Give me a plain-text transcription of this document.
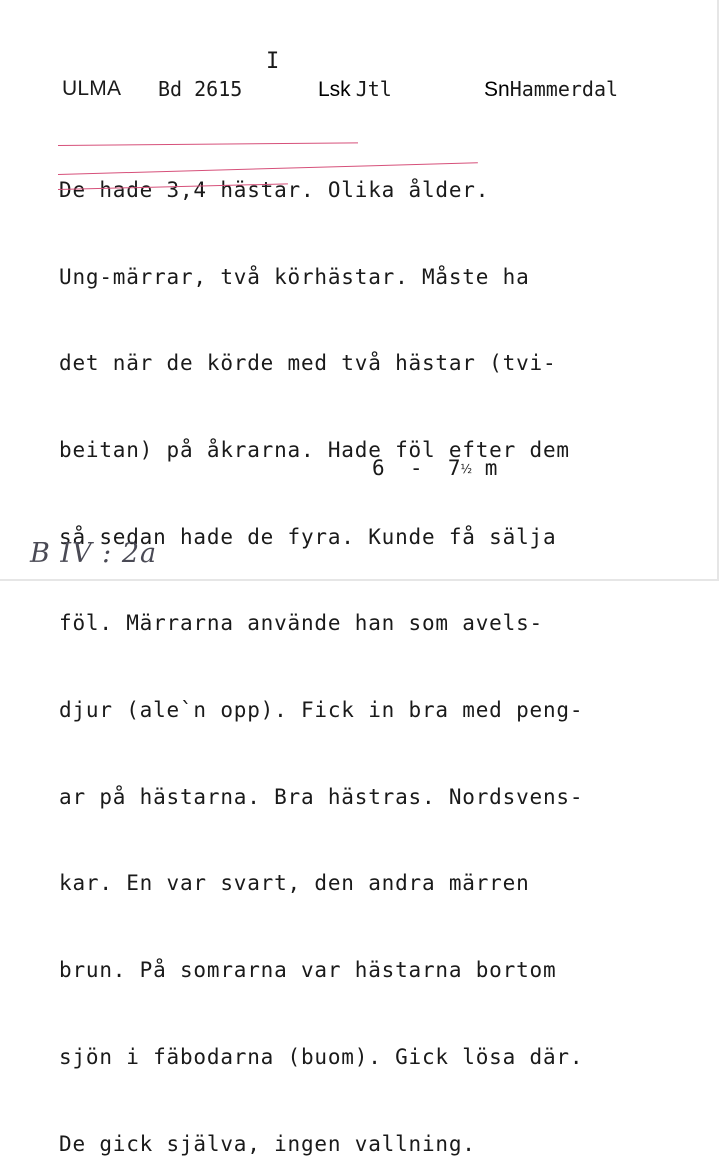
I
ULMA Bd 2615	Lsk Jtl	SnHammerdal

De hade 3,4 hästar. Olika ålder.

Ung-märrar, två körhästar. Måste ha

det när de körde med två hästar (tvi-

beitan) på åkrarna. Hade föl efter dem

så sedan hade de fyra. Kunde få sälja

föl. Märrarna använde han som avels-

djur (ale`n opp). Fick in bra med peng-

ar på hästarna. Bra hästras. Nordsvens-

kar. En var svart, den andra märren

brun. På somrarna var hästarna bortom

sjön i fäbodarna (buom). Gick lösa där.

De gick själva, ingen vallning.

6  -  7½ m
B IV : 2a
